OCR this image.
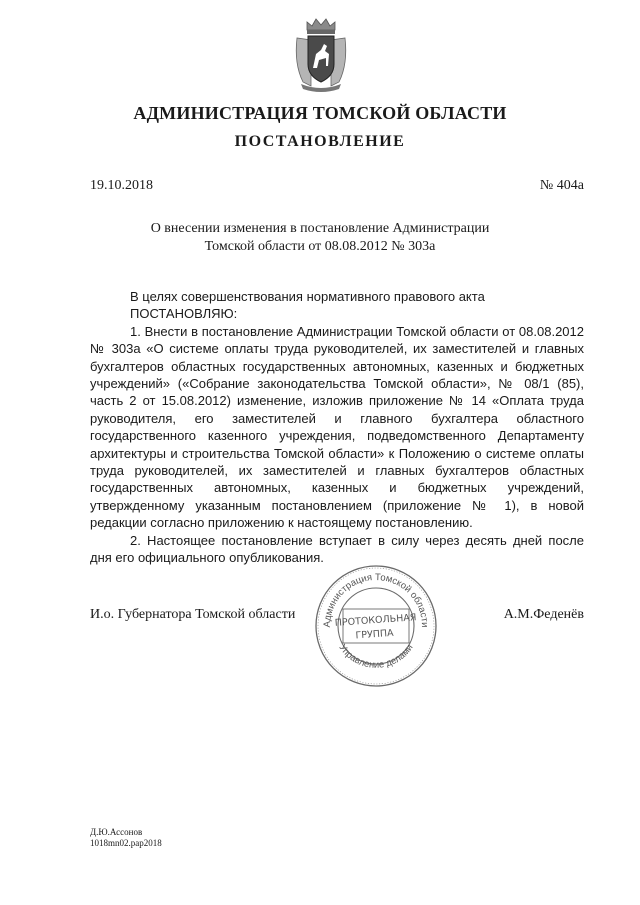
АДМИНИСТРАЦИЯ ТОМСКОЙ ОБЛАСТИ
ПОСТАНОВЛЕНИЕ
19.10.2018	№ 404а
О внесении изменения в постановление Администрации
Томской области от 08.08.2012 № 303а
В целях совершенствования нормативного правового акта
ПОСТАНОВЛЯЮ:

1. Внести в постановление Администрации Томской области от 08.08.2012 № 303а «О системе оплаты труда руководителей, их заместителей и главных бухгалтеров областных государственных автономных, казенных и бюджетных учреждений» («Собрание законодательства Томской области», № 08/1 (85), часть 2 от 15.08.2012) изменение, изложив приложение № 14 «Оплата труда руководителя, его заместителей и главного бухгалтера областного государственного казенного учреждения, подведомственного Департаменту архитектуры и строительства Томской области» к Положению о системе оплаты труда руководителей, их заместителей и главных бухгалтеров областных государственных автономных, казенных и бюджетных учреждений, утвержденному указанным постановлением (приложение № 1), в новой редакции согласно приложению к настоящему постановлению.

2. Настоящее постановление вступает в силу через десять дней после дня его официального опубликования.

И.о. Губернатора Томской области	А.М.Феденёв
Администрация Томской области
Управление делами
ПРОТОКОЛЬНАЯ
ГРУППА
Д.Ю.Ассонов
1018mn02.pap2018
